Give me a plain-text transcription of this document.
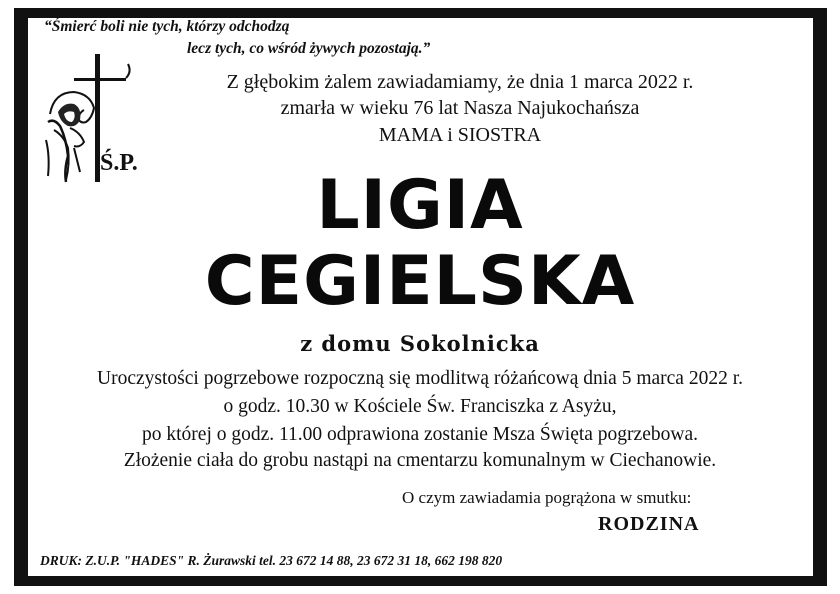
“Śmierć boli nie tych, którzy odchodzą
lecz tych, co wśród żywych pozostają.”
Ś.P.
Z głębokim żalem zawiadamiamy, że dnia 1 marca 2022 r.
zmarła w wieku 76 lat Nasza Najukochańsza
MAMA i SIOSTRA
LIGIA
CEGIELSKA
z domu Sokolnicka
Uroczystości pogrzebowe rozpoczną się modlitwą różańcową dnia 5 marca 2022 r.
o godz. 10.30 w Kościele Św. Franciszka z Asyżu,
po której o godz. 11.00 odprawiona zostanie Msza Święta pogrzebowa.
Złożenie ciała do grobu nastąpi na cmentarzu komunalnym w Ciechanowie.
O czym zawiadamia pogrążona w smutku:
RODZINA
DRUK: Z.U.P. "HADES" R. Żurawski tel. 23 672 14 88, 23 672 31 18, 662 198 820
